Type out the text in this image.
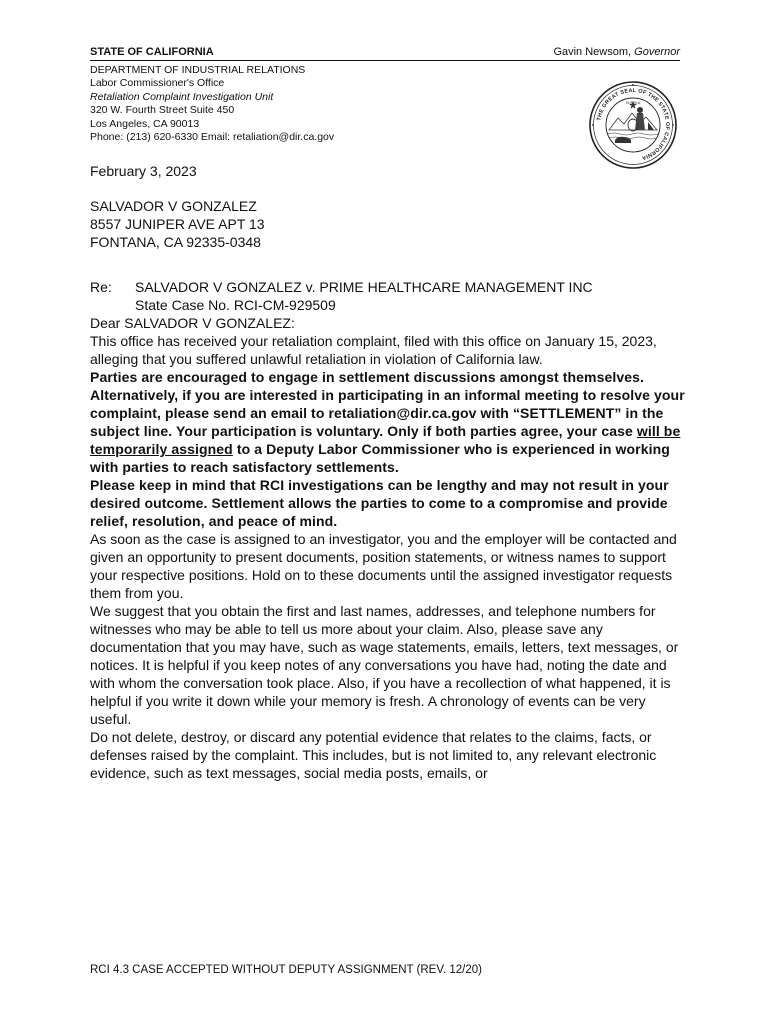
STATE OF CALIFORNIA	Gavin Newsom, Governor
DEPARTMENT OF INDUSTRIAL RELATIONS
Labor Commissioner's Office
Retaliation Complaint Investigation Unit
320 W. Fourth Street Suite 450
Los Angeles, CA 90013
Phone: (213) 620-6330 Email: retaliation@dir.ca.gov
EUREKA
THE GREAT SEAL OF THE STATE OF CALIFORNIA

February 3, 2023

SALVADOR V GONZALEZ

8557 JUNIPER AVE APT 13

FONTANA, CA 92335-0348

Re:	SALVADOR V GONZALEZ v. PRIME HEALTHCARE MANAGEMENT INC

State Case No. RCI-CM-929509

Dear SALVADOR V GONZALEZ:

This office has received your retaliation complaint, filed with this office on January 15, 2023, alleging that you suffered unlawful retaliation in violation of California law.

Parties are encouraged to engage in settlement discussions amongst themselves. Alternatively, if you are interested in participating in an informal meeting to resolve your complaint, please send an email to retaliation@dir.ca.gov with “SETTLEMENT” in the subject line. Your participation is voluntary. Only if both parties agree, your case will be temporarily assigned to a Deputy Labor Commissioner who is experienced in working with parties to reach satisfactory settlements.

Please keep in mind that RCI investigations can be lengthy and may not result in your desired outcome. Settlement allows the parties to come to a compromise and provide relief, resolution, and peace of mind.

As soon as the case is assigned to an investigator, you and the employer will be contacted and given an opportunity to present documents, position statements, or witness names to support your respective positions. Hold on to these documents until the assigned investigator requests them from you.

We suggest that you obtain the first and last names, addresses, and telephone numbers for witnesses who may be able to tell us more about your claim. Also, please save any documentation that you may have, such as wage statements, emails, letters, text messages, or notices. It is helpful if you keep notes of any conversations you have had, noting the date and with whom the conversation took place. Also, if you have a recollection of what happened, it is helpful if you write it down while your memory is fresh. A chronology of events can be very useful.

Do not delete, destroy, or discard any potential evidence that relates to the claims, facts, or defenses raised by the complaint. This includes, but is not limited to, any relevant electronic evidence, such as text messages, social media posts, emails, or

RCI 4.3 CASE ACCEPTED WITHOUT DEPUTY ASSIGNMENT (REV. 12/20)
